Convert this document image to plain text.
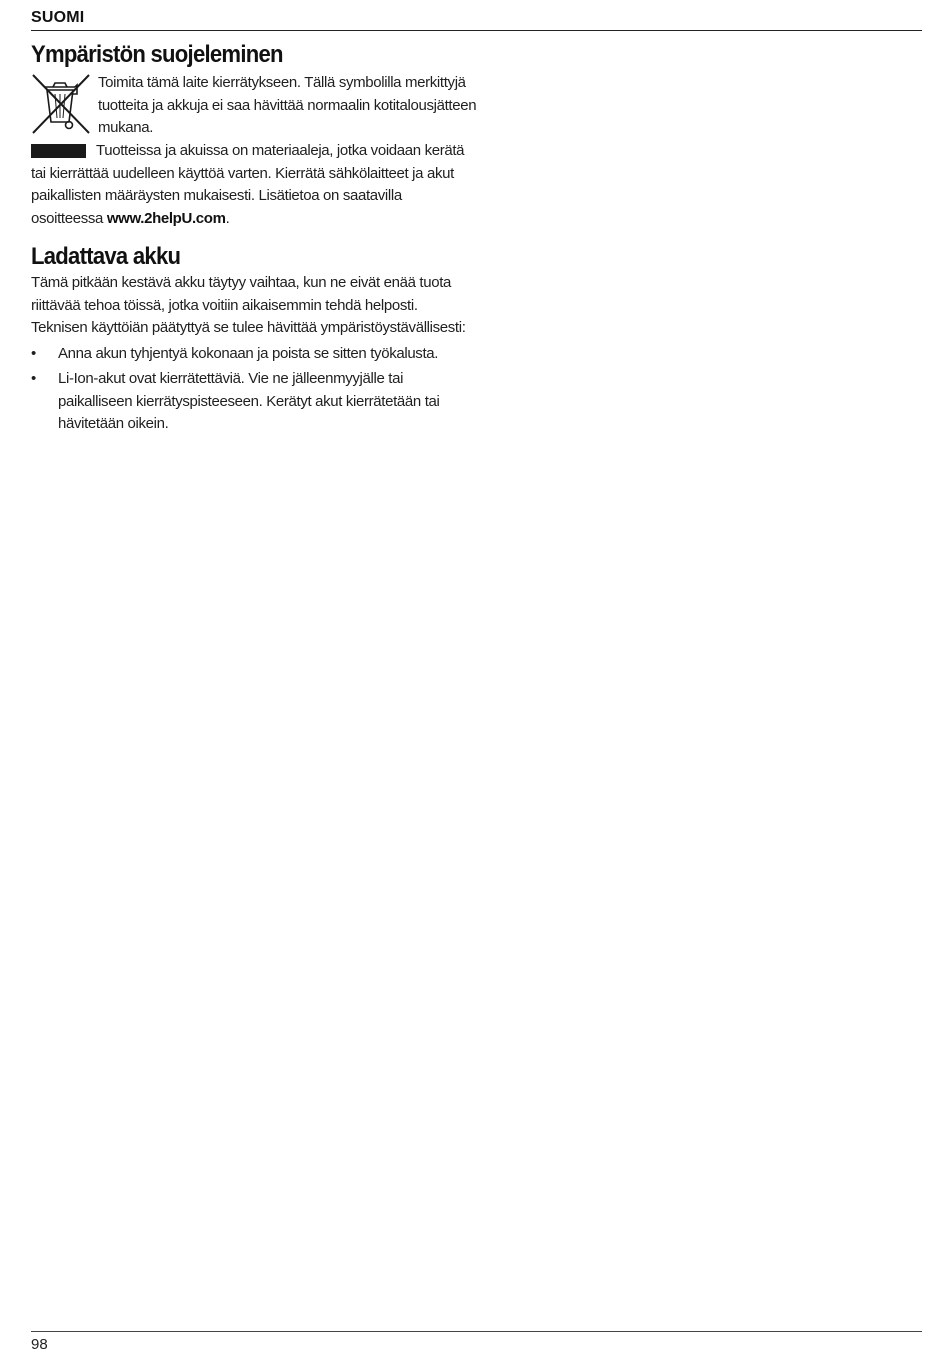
SUOMI
Ympäristön suojeleminen

Toimita tämä laite kierrätykseen. Tällä symbolilla merkittyjä tuotteita ja akkuja ei saa hävittää normaalin kotitalousjätteen mukana.

Tuotteissa ja akuissa on materiaaleja, jotka voidaan kerätä tai kierrättää uudelleen käyttöä varten. Kierrätä sähkölaitteet ja akut paikallisten määräysten mukaisesti. Lisätietoa on saatavilla osoitteessa www.2helpU.com.

Ladattava akku

Tämä pitkään kestävä akku täytyy vaihtaa, kun ne eivät enää tuota riittävää tehoa töissä, jotka voitiin aikaisemmin tehdä helposti. Teknisen käyttöiän päätyttyä se tulee hävittää ympäristöystävällisesti:

• Anna akun tyhjentyä kokonaan ja poista se sitten työkalusta.
• Li-Ion-akut ovat kierrätettäviä. Vie ne jälleenmyyjälle tai paikalliseen kierrätyspisteeseen. Kerätyt akut kierrätetään tai hävitetään oikein.
98
